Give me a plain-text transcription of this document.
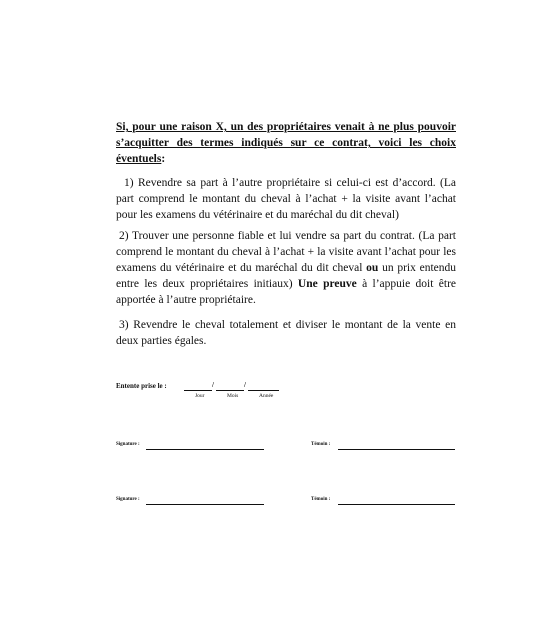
Si, pour une raison X, un des propriétaires venait à ne plus pouvoir s’acquitter des termes indiqués sur ce contrat, voici les choix éventuels:

1) Revendre sa part à l’autre propriétaire si celui-ci est d’accord. (La part comprend le montant du cheval à l’achat + la visite avant l’achat pour les examens du vétérinaire et du maréchal du dit cheval)

2) Trouver une personne fiable et lui vendre sa part du contrat. (La part comprend le montant du cheval à l’achat + la visite avant l’achat pour les examens du vétérinaire et du maréchal du dit cheval ou un prix entendu entre les deux propriétaires initiaux) Une preuve à l’appuie doit être apportée à l’autre propriétaire.

3) Revendre le cheval totalement et diviser le montant de la vente en deux parties égales.

Entente prise le :	/	/
Jour	Mois	Année
Signature :	Témoin :
Signature :	Témoin :
